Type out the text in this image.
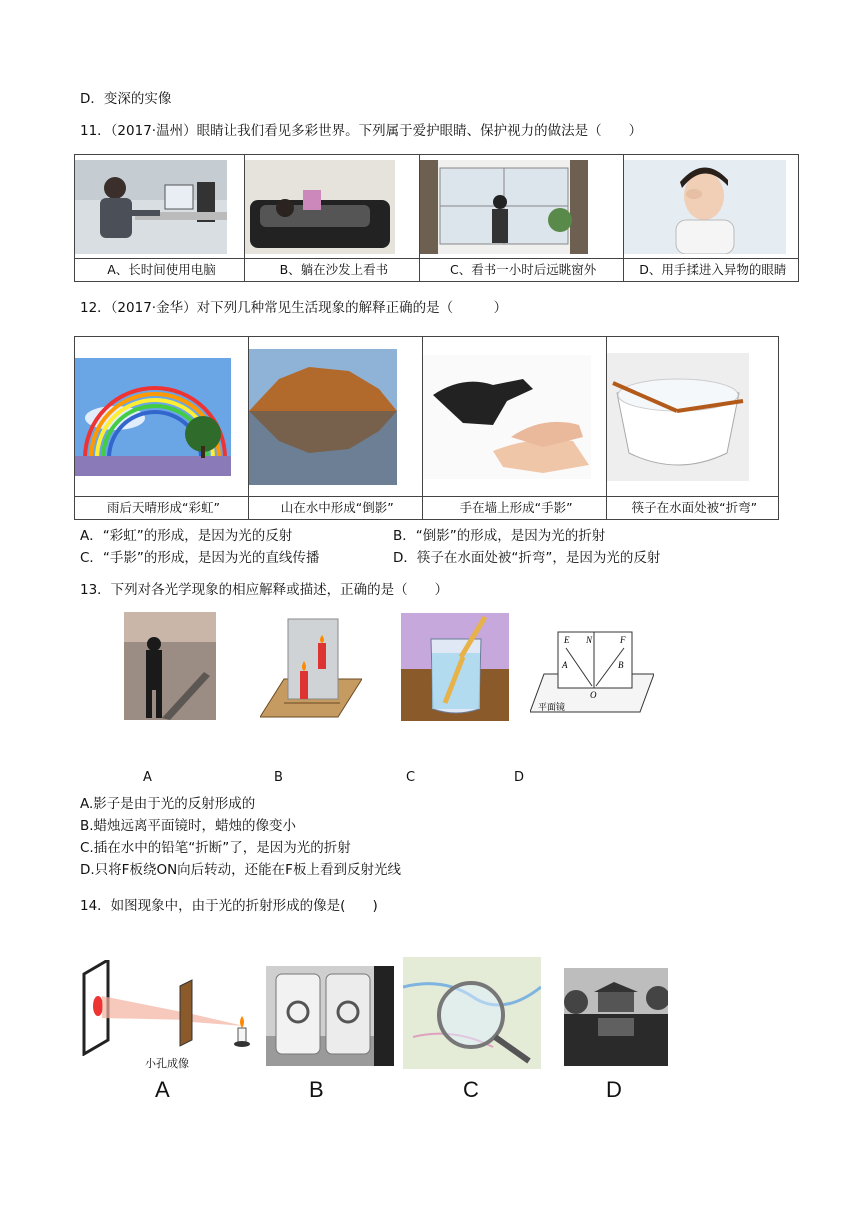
D．变深的实像
11．（2017·温州）眼睛让我们看见多彩世界。下列属于爱护眼睛、保护视力的做法是（　　）

A、长时间使用电脑	B、躺在沙发上看书	C、看书一小时后远眺窗外	D、用手揉进入异物的眼睛
12．（2017·金华）对下列几种常见生活现象的解释正确的是（　　　）

雨后天晴形成“彩虹”	山在水中形成“倒影”	手在墙上形成“手影”	筷子在水面处被“折弯”
A．“彩虹”的形成，是因为光的反射	B．“倒影”的形成，是因为光的折射
C．“手影”的形成，是因为光的直线传播	D．筷子在水面处被“折弯”，是因为光的反射
13．下列对各光学现象的相应解释或描述，正确的是（　　）
E N	F
A	B
O
平面镜
A	B	C	D
A.影子是由于光的反射形成的
B.蜡烛远离平面镜时，蜡烛的像变小
C.插在水中的铅笔“折断”了，是因为光的折射
D.只将F板绕ON向后转动，还能在F板上看到反射光线
14．如图现象中，由于光的折射形成的像是(　　)
小孔成像
A	B	C	D
